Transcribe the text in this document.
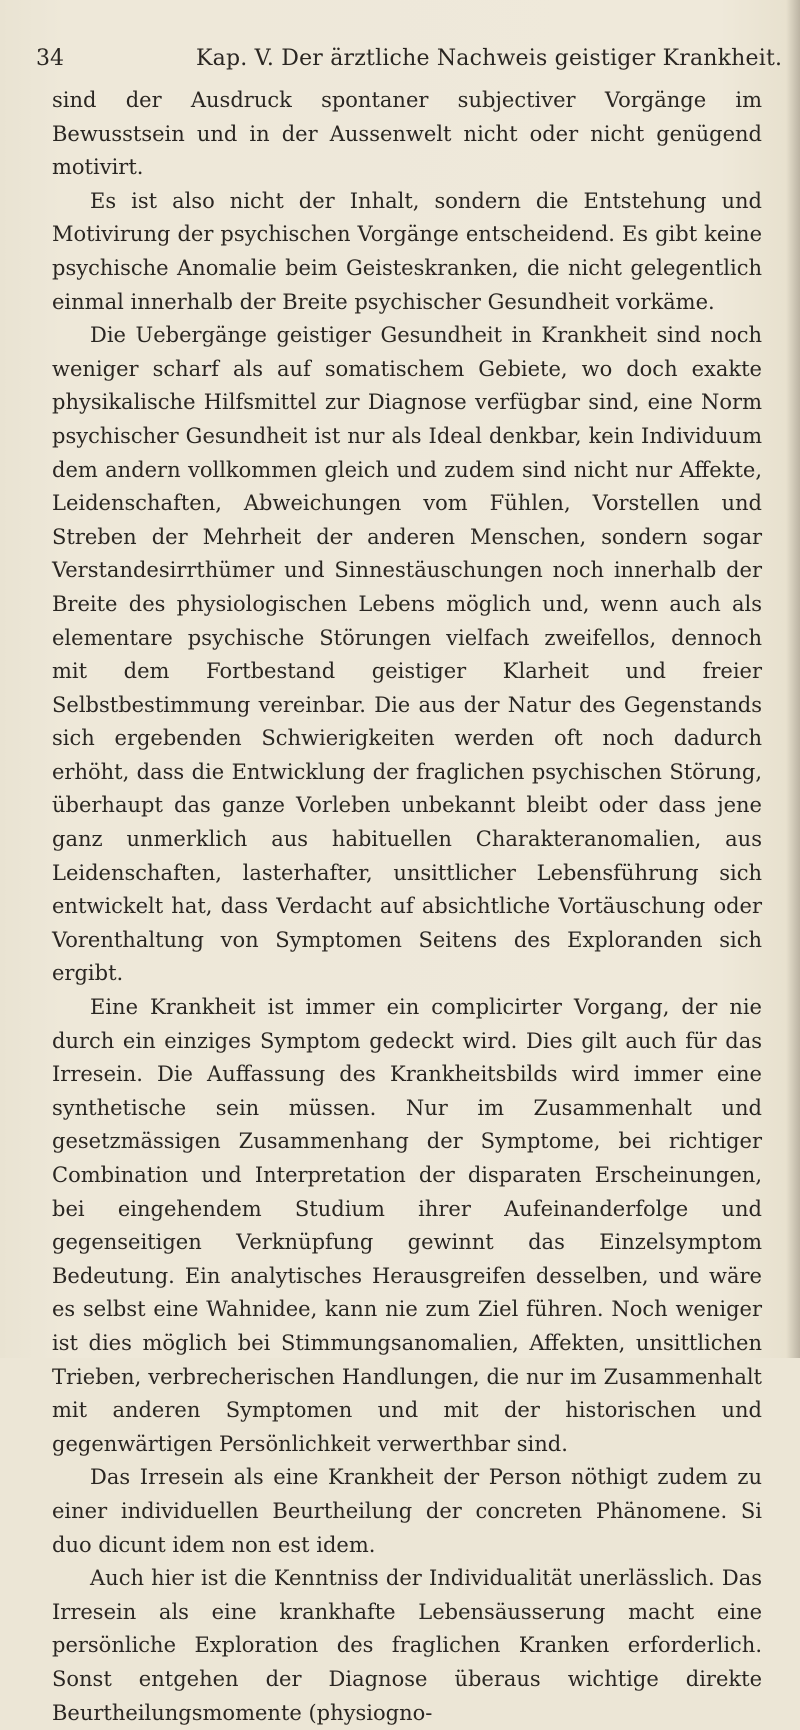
34	Kap. V. Der ärztliche Nachweis geistiger Krankheit.

sind der Ausdruck spontaner subjectiver Vorgänge im Bewusstsein und in der Aussenwelt nicht oder nicht genügend motivirt.

Es ist also nicht der Inhalt, sondern die Entstehung und Motivirung der psychischen Vorgänge entscheidend. Es gibt keine psychische Anomalie beim Geisteskranken, die nicht gelegentlich einmal innerhalb der Breite psychischer Gesundheit vorkäme.

Die Uebergänge geistiger Gesundheit in Krankheit sind noch weniger scharf als auf somatischem Gebiete, wo doch exakte physikalische Hilfsmittel zur Diagnose verfügbar sind, eine Norm psychischer Gesundheit ist nur als Ideal denkbar, kein Individuum dem andern vollkommen gleich und zudem sind nicht nur Affekte, Leidenschaften, Abweichungen vom Fühlen, Vorstellen und Streben der Mehrheit der anderen Menschen, sondern sogar Verstandesirrthümer und Sinnestäuschungen noch innerhalb der Breite des physiologischen Lebens möglich und, wenn auch als elementare psychische Störungen vielfach zweifellos, dennoch mit dem Fortbestand geistiger Klarheit und freier Selbstbestimmung vereinbar. Die aus der Natur des Gegenstands sich ergebenden Schwierigkeiten werden oft noch dadurch erhöht, dass die Entwicklung der fraglichen psychischen Störung, überhaupt das ganze Vorleben unbekannt bleibt oder dass jene ganz unmerklich aus habituellen Charakteranomalien, aus Leidenschaften, lasterhafter, unsittlicher Lebensführung sich entwickelt hat, dass Verdacht auf absichtliche Vortäuschung oder Vorenthaltung von Symptomen Seitens des Exploranden sich ergibt.

Eine Krankheit ist immer ein complicirter Vorgang, der nie durch ein einziges Symptom gedeckt wird. Dies gilt auch für das Irresein. Die Auffassung des Krankheitsbilds wird immer eine synthetische sein müssen. Nur im Zusammenhalt und gesetzmässigen Zusammenhang der Symptome, bei richtiger Combination und Interpretation der disparaten Erscheinungen, bei eingehendem Studium ihrer Aufeinanderfolge und gegenseitigen Verknüpfung gewinnt das Einzelsymptom Bedeutung. Ein analytisches Herausgreifen desselben, und wäre es selbst eine Wahnidee, kann nie zum Ziel führen. Noch weniger ist dies möglich bei Stimmungsanomalien, Affekten, unsittlichen Trieben, verbrecherischen Handlungen, die nur im Zusammenhalt mit anderen Symptomen und mit der historischen und gegenwärtigen Persönlichkeit verwerthbar sind.

Das Irresein als eine Krankheit der Person nöthigt zudem zu einer individuellen Beurtheilung der concreten Phänomene. Si duo dicunt idem non est idem.

Auch hier ist die Kenntniss der Individualität unerlässlich. Das Irresein als eine krankhafte Lebensäusserung macht eine persönliche Exploration des fraglichen Kranken erforderlich. Sonst entgehen der Diagnose überaus wichtige direkte Beurtheilungsmomente (physiogno-
